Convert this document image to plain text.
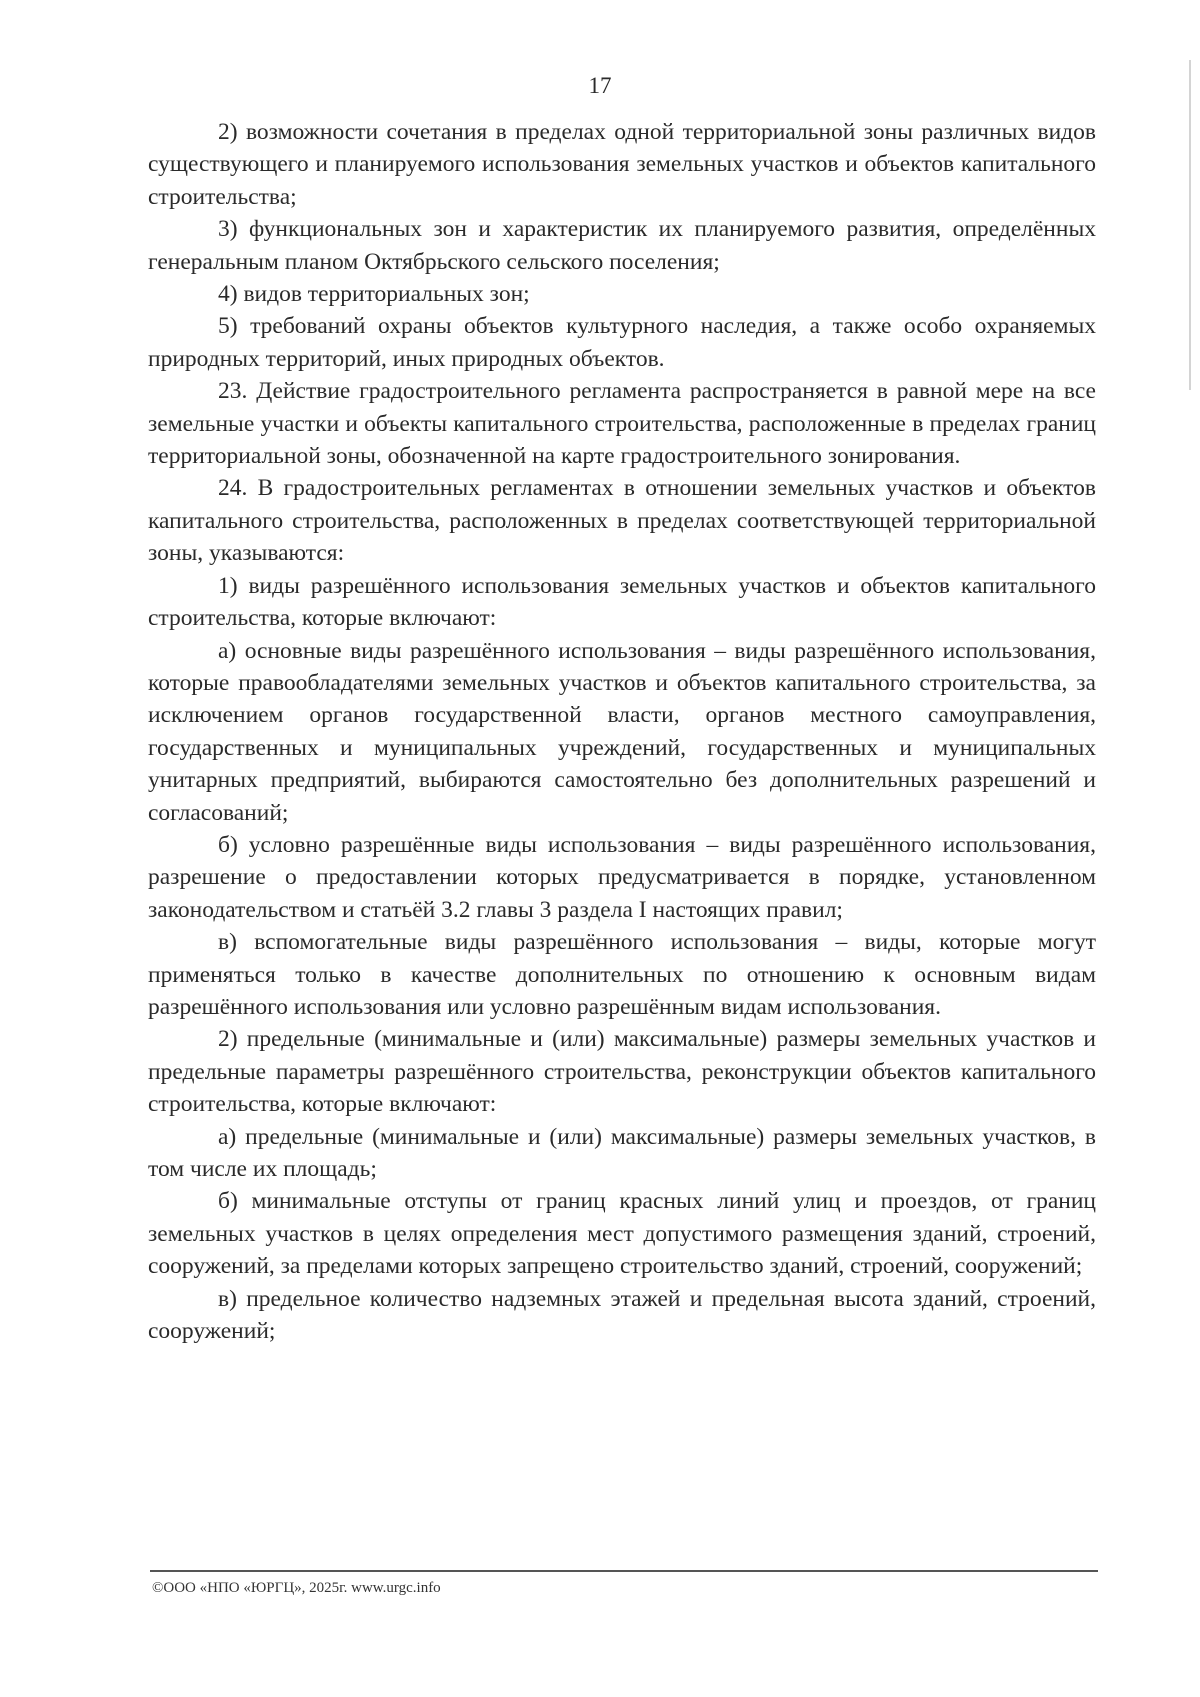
17

2) возможности сочетания в пределах одной территориальной зоны различных видов существующего и планируемого использования земельных участков и объектов капитального строительства;

3) функциональных зон и характеристик их планируемого развития, определённых генеральным планом Октябрьского сельского поселения;

4) видов территориальных зон;

5) требований охраны объектов культурного наследия, а также особо охраняемых природных территорий, иных природных объектов.

23. Действие градостроительного регламента распространяется в равной мере на все земельные участки и объекты капитального строительства, расположенные в пределах границ территориальной зоны, обозначенной на карте градостроительного зонирования.

24. В градостроительных регламентах в отношении земельных участков и объектов капитального строительства, расположенных в пределах соответствующей территориальной зоны, указываются:

1) виды разрешённого использования земельных участков и объектов капитального строительства, которые включают:

а) основные виды разрешённого использования – виды разрешённого использования, которые правообладателями земельных участков и объектов капитального строительства, за исключением органов государственной власти, органов местного самоуправления, государственных и муниципальных учреждений, государственных и муниципальных унитарных предприятий, выбираются самостоятельно без дополнительных разрешений и согласований;

б) условно разрешённые виды использования – виды разрешённого использования, разрешение о предоставлении которых предусматривается в порядке, установленном законодательством и статьёй 3.2 главы 3 раздела I настоящих правил;

в) вспомогательные виды разрешённого использования – виды, которые могут применяться только в качестве дополнительных по отношению к основным видам разрешённого использования или условно разрешённым видам использования.

2) предельные (минимальные и (или) максимальные) размеры земельных участков и предельные параметры разрешённого строительства, реконструкции объектов капитального строительства, которые включают:

а) предельные (минимальные и (или) максимальные) размеры земельных участков, в том числе их площадь;

б) минимальные отступы от границ красных линий улиц и проездов, от границ земельных участков в целях определения мест допустимого размещения зданий, строений, сооружений, за пределами которых запрещено строительство зданий, строений, сооружений;

в) предельное количество надземных этажей и предельная высота зданий, строений, сооружений;

©ООО «НПО «ЮРГЦ», 2025г. www.urgc.info
